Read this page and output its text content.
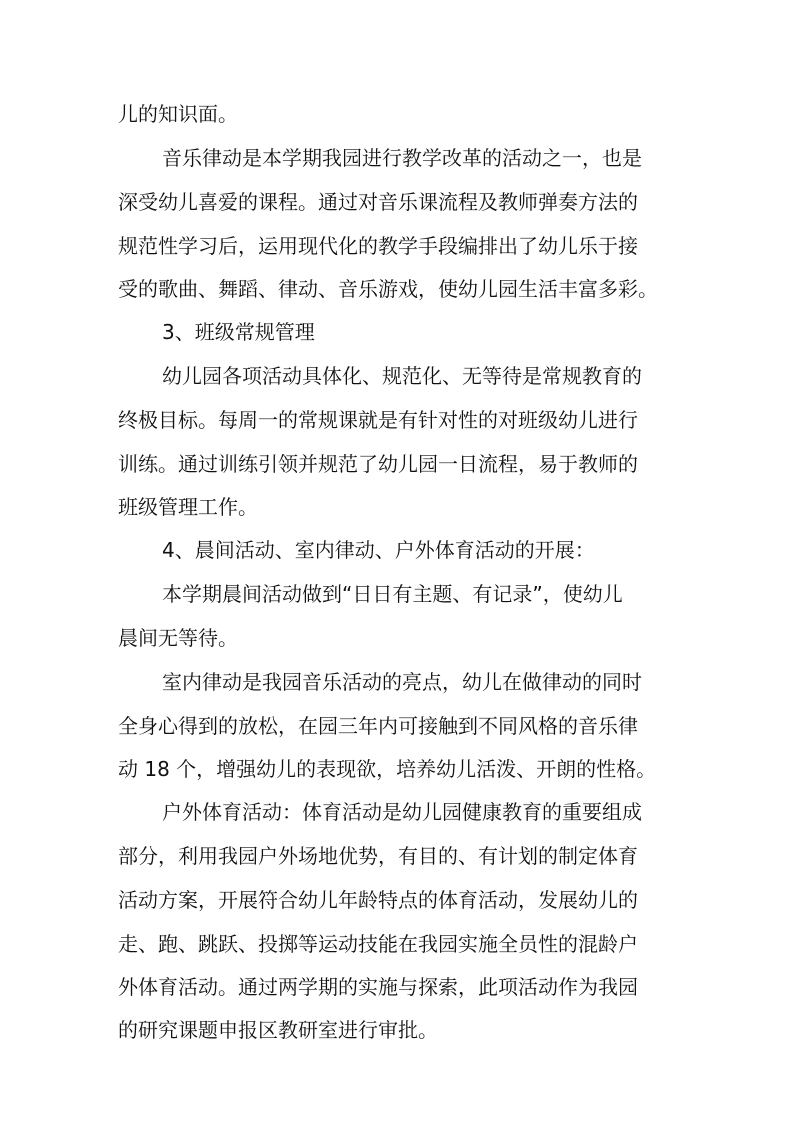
儿的知识面。
音乐律动是本学期我园进行教学改革的活动之一，也是
深受幼儿喜爱的课程。通过对音乐课流程及教师弹奏方法的
规范性学习后，运用现代化的教学手段编排出了幼儿乐于接
受的歌曲、舞蹈、律动、音乐游戏，使幼儿园生活丰富多彩。
3、班级常规管理
幼儿园各项活动具体化、规范化、无等待是常规教育的
终极目标。每周一的常规课就是有针对性的对班级幼儿进行
训练。通过训练引领并规范了幼儿园一日流程，易于教师的
班级管理工作。
4、晨间活动、室内律动、户外体育活动的开展：
本学期晨间活动做到“日日有主题、有记录”，使幼儿
晨间无等待。
室内律动是我园音乐活动的亮点，幼儿在做律动的同时
全身心得到的放松，在园三年内可接触到不同风格的音乐律
动 18 个，增强幼儿的表现欲，培养幼儿活泼、开朗的性格。
户外体育活动：体育活动是幼儿园健康教育的重要组成
部分，利用我园户外场地优势，有目的、有计划的制定体育
活动方案，开展符合幼儿年龄特点的体育活动，发展幼儿的
走、跑、跳跃、投掷等运动技能在我园实施全员性的混龄户
外体育活动。通过两学期的实施与探索，此项活动作为我园
的研究课题申报区教研室进行审批。
